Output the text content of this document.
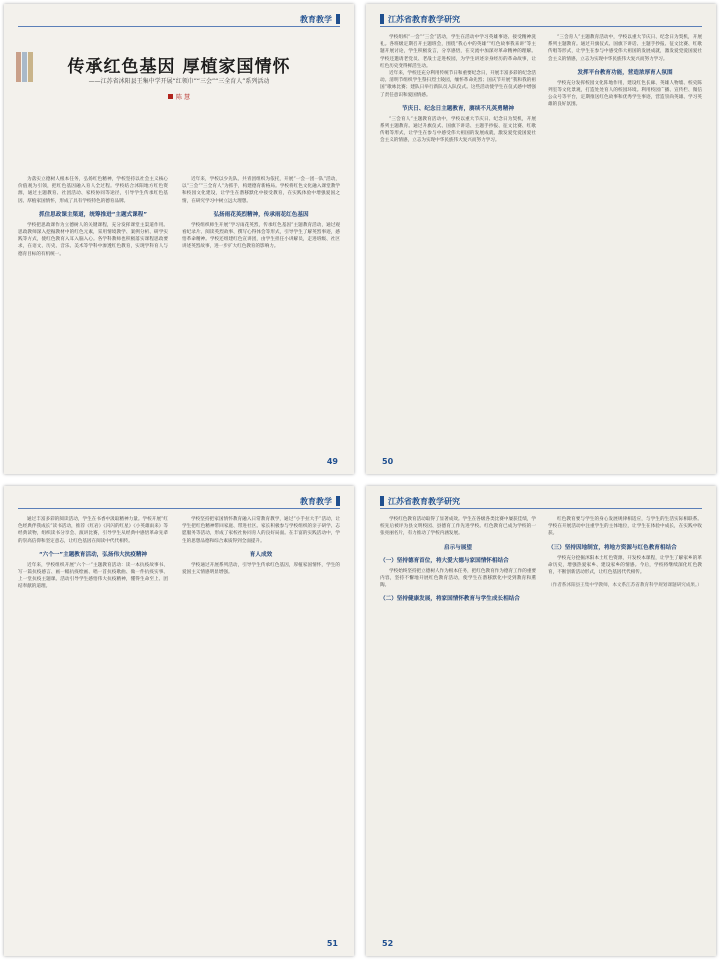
教育教学
传承红色基因 厚植家国情怀
——江苏省沭阳县王集中学开展“红领巾”“三会”“三全育人”系列活动
陈 慧

为落实立德树人根本任务，弘扬红色精神，学校坚持以社会主义核心价值观为引领，把红色基因融入育人全过程。学校结合沭阳地方红色资源，通过主题教育、社团活动、家校协同等途径，引导学生传承红色基因、厚植家国情怀，形成了具有学校特色的德育品牌。

抓住思政课主渠道，统筹推进“主题式课程”

学校把思政课作为立德树人的关键课程，充分发挥课堂主渠道作用。思政教师深入挖掘教材中的红色元素，采用情境教学、案例分析、研学实践等方式，使红色教育入耳入脑入心。各学科教师也积极落实课程思政要求，在语文、历史、音乐、美术等学科中渗透红色教育，实现学科育人与德育目标的有机统一。

近年来，学校以少先队、共青团组织为依托，开展“一会一团一队”活动，以“三会”“三全育人”为抓手，构建德育新格局。学校将红色文化融入课堂教学和校园文化建设，让学生在潜移默化中接受教育，在实践体验中增强爱国之情，在研究学习中树立远大理想。

弘扬雨花英烈精神，传承雨花红色基因

学校组织师生开展“学习雨花英烈，传承红色基因”主题教育活动，通过观看纪录片、阅读英烈故事、撰写心得体会等形式，引导学生了解英烈事迹，感悟革命精神。学校还组建红色宣讲团，由学生担任小讲解员，走进班级、社区讲述英烈故事，进一步扩大红色教育的影响力。

49
江苏省教育教学研究

学校组织“一会”“三会”活动，学生在活动中学习英雄事迹、接受精神洗礼。各班级定期召开主题班会，围绕“我心中的英雄”“红色故事我来讲”等主题开展讨论，学生积极发言，分享感悟，在交流中加深对革命精神的理解。学校还邀请老党员、老战士走进校园，为学生讲述亲身经历的革命故事，让红色历史变得鲜活生动。

近年来，学校还充分利用传统节日和重要纪念日，开展丰富多彩的纪念活动。清明节组织学生祭扫烈士陵园，缅怀革命先烈；国庆节开展“我和我的祖国”歌咏比赛；建队日举行新队员入队仪式。这些活动使学生在仪式感中增强了责任意识和爱国情感。

节庆日、纪念日主题教育，赓续不凡英勇精神

“三会育人”主题教育活动中，学校以重大节庆日、纪念日为契机，开展系列主题教育。通过升旗仪式、国旗下讲话、主题手抄报、征文比赛、红歌传唱等形式，让学生在参与中感受伟大祖国的发展成就，激发爱党爱国爱社会主义的情感，立志为实现中华民族伟大复兴而努力学习。

“三会育人”主题教育活动中，学校以重大节庆日、纪念日为契机，开展系列主题教育。通过升旗仪式、国旗下讲话、主题手抄报、征文比赛、红歌传唱等形式，让学生在参与中感受伟大祖国的发展成就，激发爱党爱国爱社会主义的情感，立志为实现中华民族伟大复兴而努力学习。

发挥平台教育功能，营造浓厚育人氛围

学校充分发挥校园文化阵地作用，建设红色长廊、英雄人物墙、校史陈列室等文化景观，打造处处育人的校园环境。利用校园广播、宣传栏、微信公众号等平台，定期推送红色故事和优秀学生事迹，营造崇尚英雄、学习英雄的良好氛围。

50
教育教学

通过丰富多彩的阅读活动，学生在书香中汲取精神力量。学校开展“红色经典伴我成长”读书活动，推荐《红岩》《闪闪的红星》《小英雄雨来》等经典读物，组织读书分享会、演讲比赛，引导学生从经典中感悟革命先辈的崇高信仰和坚定意志，让红色基因在阅读中代代相传。

“六个一”主题教育活动，弘扬伟大抗疫精神

近年来，学校组织开展“六个一”主题教育活动：读一本抗疫故事书、写一篇抗疫感言、画一幅抗疫绘画、唱一首抗疫歌曲、做一件抗疫实事、上一堂抗疫主题课。活动引导学生感悟伟大抗疫精神，懂得生命至上、团结奉献的道理。

学校坚持把家国情怀教育融入日常教育教学，通过“小手拉大手”活动，让学生把红色精神带回家庭、带进社区。家长积极参与学校组织的亲子研学、志愿服务等活动，形成了家校社协同育人的良好局面。在丰富的实践活动中，学生的思想品德和综合素质得到全面提升。

育人成效

学校通过开展系列活动，引导学生传承红色基因，厚植家国情怀，学生的爱国主义情感明显增强。

51
江苏省教育教学研究

学校红色教育活动取得了显著成效。学生在各级各类比赛中屡获佳绩，学校先后被评为县文明校园、县德育工作先进学校。红色教育已成为学校的一张亮丽名片，有力推动了学校内涵发展。

启示与展望
（一）坚持德育首位，将大爱大德与家国情怀相结合

学校始终坚持把立德树人作为根本任务，把红色教育作为德育工作的重要内容，坚持不懈地开展红色教育活动，使学生在潜移默化中受到教育和熏陶。

（二）坚持健康发展，将家国情怀教育与学生成长相结合

红色教育要与学生的身心发展规律相适应，与学生的生活实际相联系。学校在开展活动中注重学生的主体地位，让学生在体验中成长，在实践中收获。

（三）坚持因地制宜，将地方资源与红色教育相结合

学校充分挖掘沭阳本土红色资源，开发校本课程，让学生了解家乡的革命历史，增强热爱家乡、建设家乡的情感。今后，学校将继续深化红色教育，不断创新活动形式，让红色基因代代相传。

（作者系沭阳县王集中学教师，本文系江苏省教育科学规划课题研究成果。）

52
